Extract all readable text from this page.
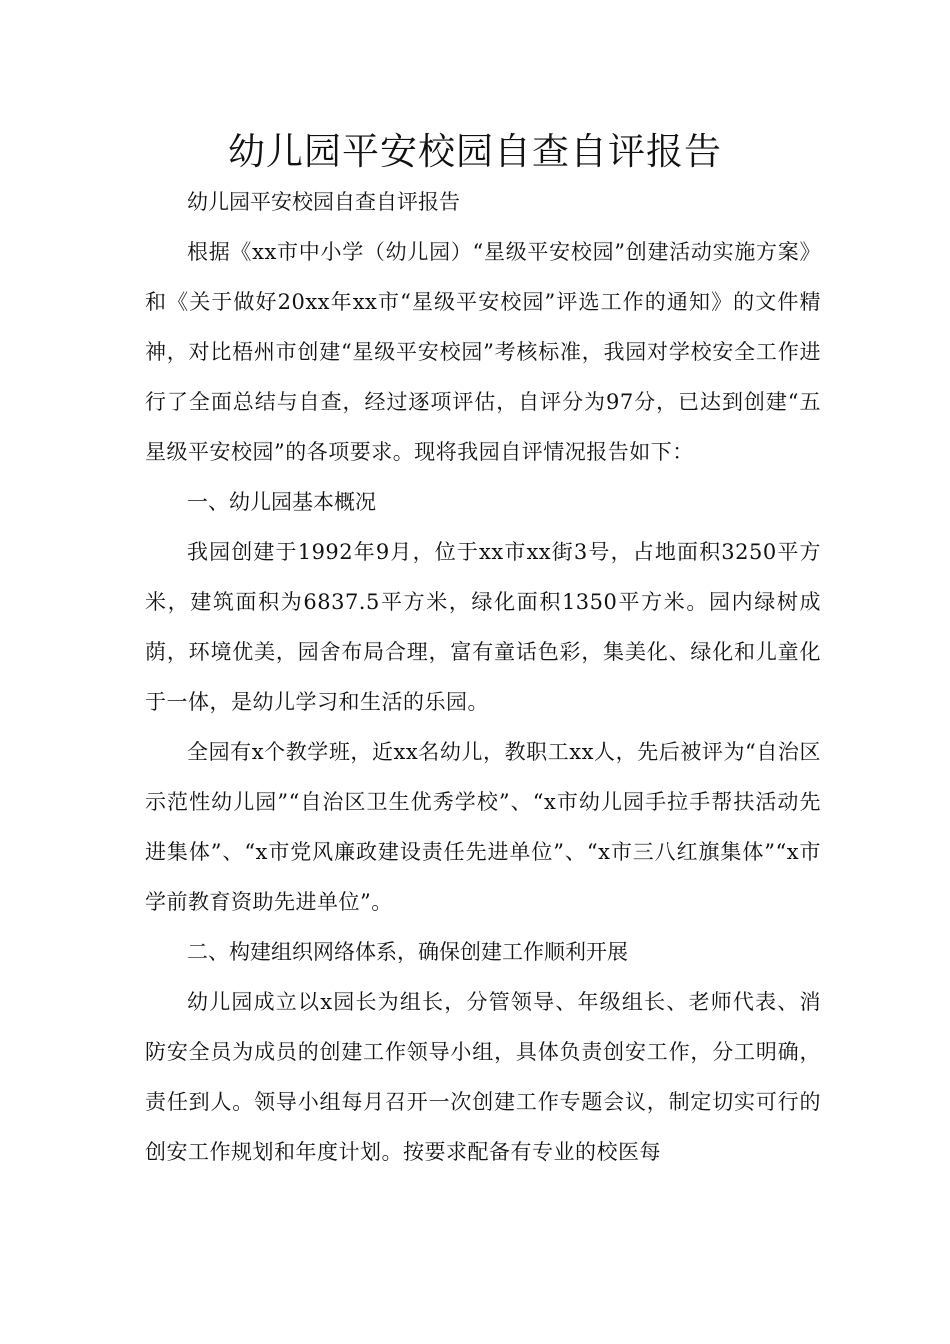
幼儿园平安校园自查自评报告

幼儿园平安校园自查自评报告

根据《xx市中小学（幼儿园）“星级平安校园”创建活动实施方案》和《关于做好20xx年xx市“星级平安校园”评选工作的通知》的文件精神，对比梧州市创建“星级平安校园”考核标准，我园对学校安全工作进行了全面总结与自查，经过逐项评估，自评分为97分，已达到创建“五星级平安校园”的各项要求。现将我园自评情况报告如下：

一、幼儿园基本概况

我园创建于1992年9月，位于xx市xx街3号，占地面积3250平方米，建筑面积为6837.5平方米，绿化面积1350平方米。园内绿树成荫，环境优美，园舍布局合理，富有童话色彩，集美化、绿化和儿童化于一体，是幼儿学习和生活的乐园。

全园有x个教学班，近xx名幼儿，教职工xx人，先后被评为“自治区示范性幼儿园”“自治区卫生优秀学校”、“x市幼儿园手拉手帮扶活动先进集体”、“x市党风廉政建设责任先进单位”、“x市三八红旗集体”“x市学前教育资助先进单位”。

二、构建组织网络体系，确保创建工作顺利开展

幼儿园成立以x园长为组长，分管领导、年级组长、老师代表、消防安全员为成员的创建工作领导小组，具体负责创安工作，分工明确，责任到人。领导小组每月召开一次创建工作专题会议，制定切实可行的创安工作规划和年度计划。按要求配备有专业的校医每
